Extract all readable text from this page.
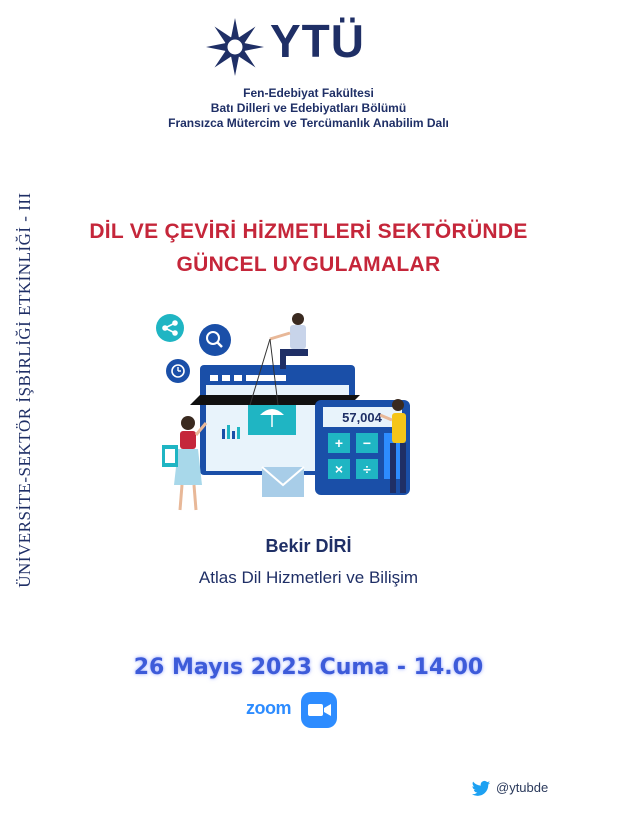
YTÜ
Fen-Edebiyat Fakültesi
Batı Dilleri ve Edebiyatları Bölümü
Fransızca Mütercim ve Tercümanlık Anabilim Dalı
ÜNİVERSİTE-SEKTÖR İŞBİRLİĞİ ETKİNLİĞİ - III	DİL VE ÇEVİRİ HİZMETLERİ SEKTÖRÜNDE
GÜNCEL UYGULAMALAR
57,004
+ −
× ÷
Bekir DİRİ
Atlas Dil Hizmetleri ve Bilişim
26 Mayıs 2023 Cuma - 14.00
zoom
@ytubde
